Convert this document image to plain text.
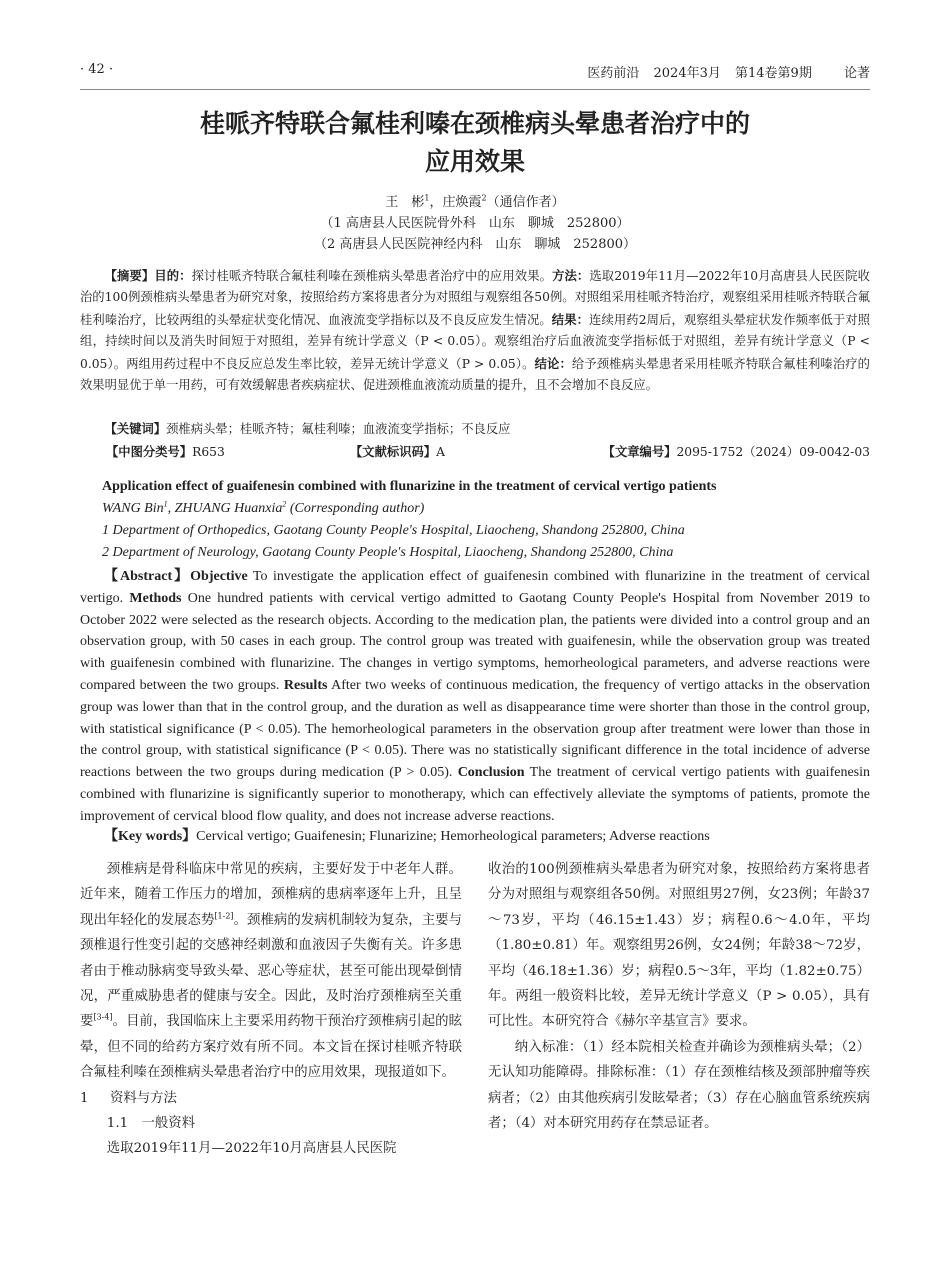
· 42 ·	医药前沿 2024年3月 第14卷第9期 论著
桂哌齐特联合氟桂利嗪在颈椎病头晕患者治疗中的
应用效果
王　彬$^1$，庄焕霞$^2$（通信作者）
（1 高唐县人民医院骨外科　山东　聊城　252800）
（2 高唐县人民医院神经内科　山东　聊城　252800）

【摘要】目的：探讨桂哌齐特联合氟桂利嗪在颈椎病头晕患者治疗中的应用效果。方法：选取2019年11月—2022年10月高唐县人民医院收治的100例颈椎病头晕患者为研究对象，按照给药方案将患者分为对照组与观察组各50例。对照组采用桂哌齐特治疗，观察组采用桂哌齐特联合氟桂利嗪治疗，比较两组的头晕症状变化情况、血液流变学指标以及不良反应发生情况。结果：连续用药2周后，观察组头晕症状发作频率低于对照组，持续时间以及消失时间短于对照组，差异有统计学意义（P < 0.05）。观察组治疗后血液流变学指标低于对照组，差异有统计学意义（P < 0.05）。两组用药过程中不良反应总发生率比较，差异无统计学意义（P > 0.05）。结论：给予颈椎病头晕患者采用桂哌齐特联合氟桂利嗪治疗的效果明显优于单一用药，可有效缓解患者疾病症状、促进颈椎血液流动质量的提升，且不会增加不良反应。

【关键词】颈椎病头晕；桂哌齐特；氟桂利嗪；血液流变学指标；不良反应

【中图分类号】R653	【文献标识码】A	【文章编号】2095-1752（2024）09-0042-03

Application effect of guaifenesin combined with flunarizine in the treatment of cervical vertigo patients

WANG Bin$^1$, ZHUANG Huanxia$^2$ (Corresponding author)

1 Department of Orthopedics, Gaotang County People's Hospital, Liaocheng, Shandong 252800, China

2 Department of Neurology, Gaotang County People's Hospital, Liaocheng, Shandong 252800, China

【Abstract】Objective To investigate the application effect of guaifenesin combined with flunarizine in the treatment of cervical vertigo. Methods One hundred patients with cervical vertigo admitted to Gaotang County People's Hospital from November 2019 to October 2022 were selected as the research objects. According to the medication plan, the patients were divided into a control group and an observation group, with 50 cases in each group. The control group was treated with guaifenesin, while the observation group was treated with guaifenesin combined with flunarizine. The changes in vertigo symptoms, hemorheological parameters, and adverse reactions were compared between the two groups. Results After two weeks of continuous medication, the frequency of vertigo attacks in the observation group was lower than that in the control group, and the duration as well as disappearance time were shorter than those in the control group, with statistical significance (P < 0.05). The hemorheological parameters in the observation group after treatment were lower than those in the control group, with statistical significance (P < 0.05). There was no statistically significant difference in the total incidence of adverse reactions between the two groups during medication (P > 0.05). Conclusion The treatment of cervical vertigo patients with guaifenesin combined with flunarizine is significantly superior to monotherapy, which can effectively alleviate the symptoms of patients, promote the improvement of cervical blood flow quality, and does not increase adverse reactions.

【Key words】Cervical vertigo; Guaifenesin; Flunarizine; Hemorheological parameters; Adverse reactions

颈椎病是骨科临床中常见的疾病，主要好发于中老年人群。近年来，随着工作压力的增加，颈椎病的患病率逐年上升，且呈现出年轻化的发展态势[1-2]。颈椎病的发病机制较为复杂，主要与颈椎退行性变引起的交感神经刺激和血液因子失衡有关。许多患者由于椎动脉病变导致头晕、恶心等症状，甚至可能出现晕倒情况，严重威胁患者的健康与安全。因此，及时治疗颈椎病至关重要[3-4]。目前，我国临床上主要采用药物干预治疗颈椎病引起的眩晕，但不同的给药方案疗效有所不同。本文旨在探讨桂哌齐特联合氟桂利嗪在颈椎病头晕患者治疗中的应用效果，现报道如下。

1 资料与方法

1.1　一般资料

选取2019年11月—2022年10月高唐县人民医院

收治的100例颈椎病头晕患者为研究对象，按照给药方案将患者分为对照组与观察组各50例。对照组男27例，女23例；年龄37～73岁，平均（46.15±1.43）岁；病程0.6～4.0年，平均（1.80±0.81）年。观察组男26例，女24例；年龄38～72岁，平均（46.18±1.36）岁；病程0.5～3年，平均（1.82±0.75）年。两组一般资料比较，差异无统计学意义（P > 0.05），具有可比性。本研究符合《赫尔辛基宣言》要求。

纳入标准：（1）经本院相关检查并确诊为颈椎病头晕；（2）无认知功能障碍。排除标准：（1）存在颈椎结核及颈部肿瘤等疾病者；（2）由其他疾病引发眩晕者；（3）存在心脑血管系统疾病者；（4）对本研究用药存在禁忌证者。
